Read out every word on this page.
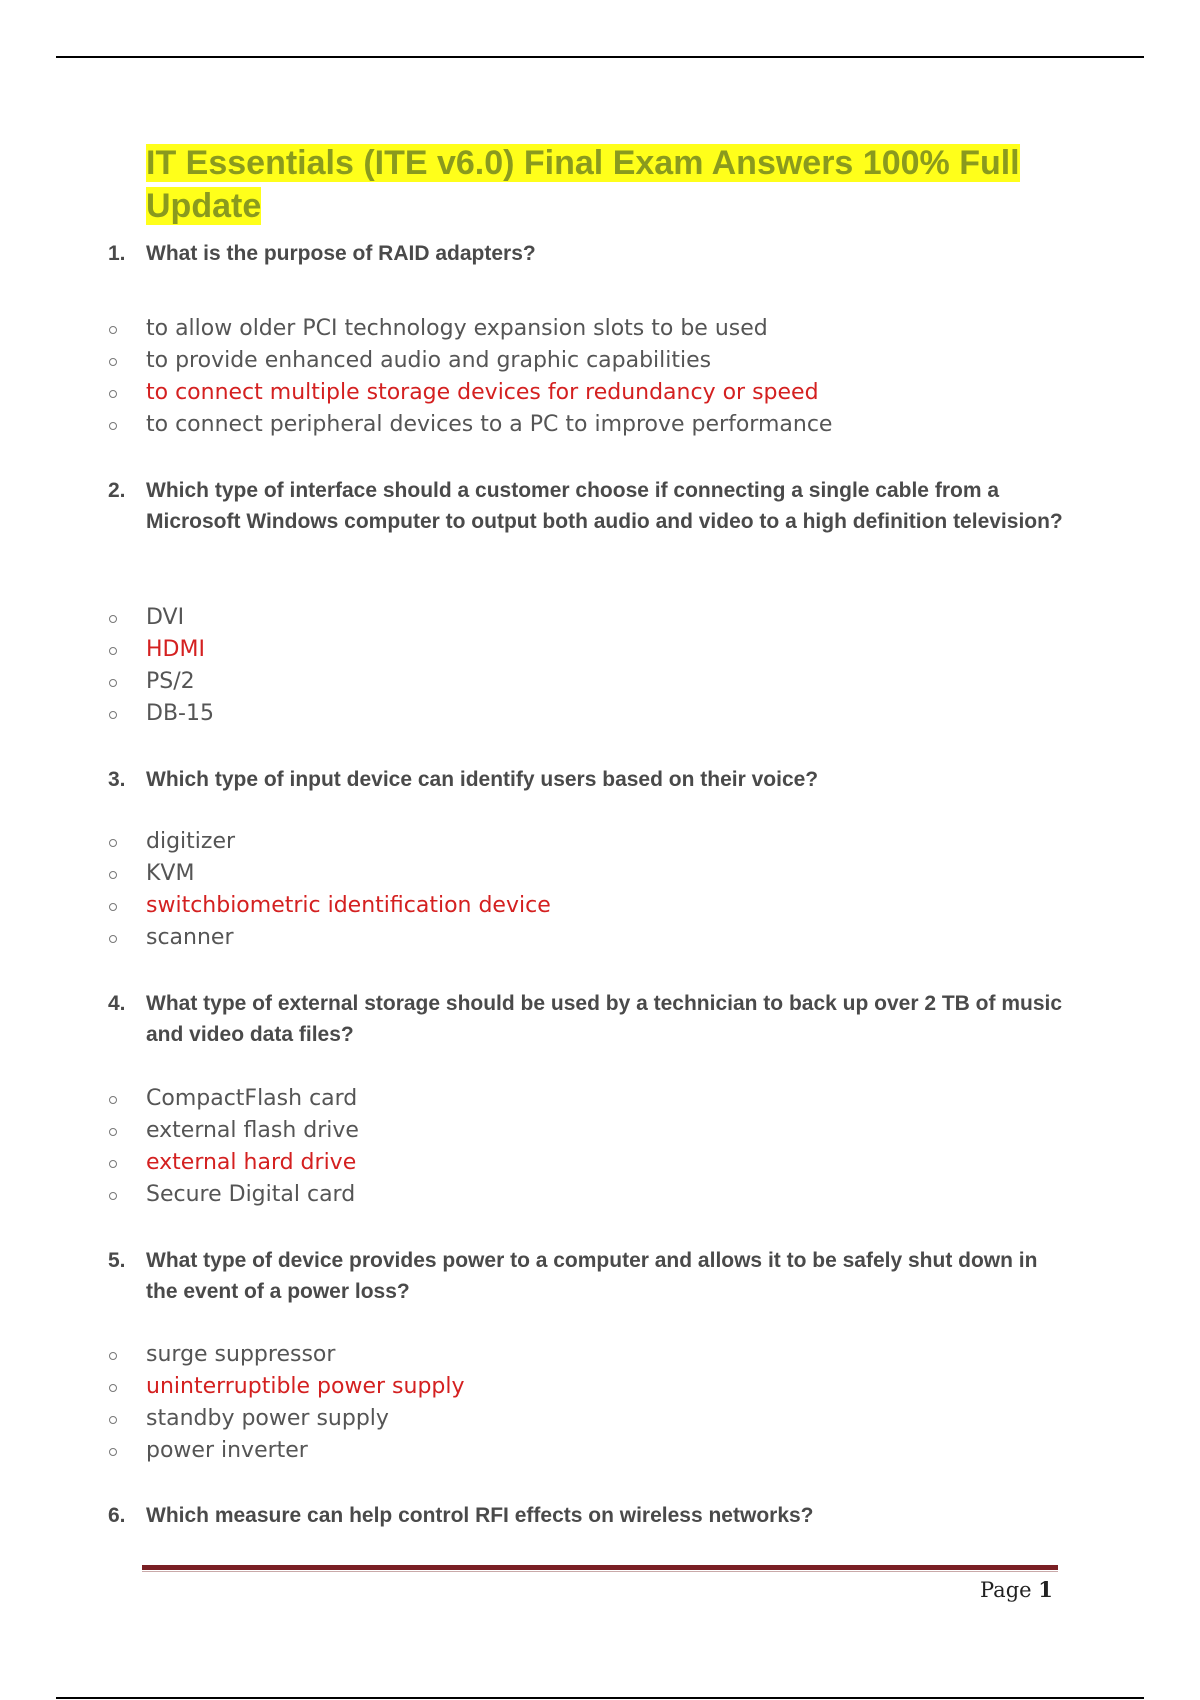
IT Essentials (ITE v6.0) Final Exam Answers 100% Full Update
1. What is the purpose of RAID adapters?
to allow older PCI technology expansion slots to be used
to provide enhanced audio and graphic capabilities
to connect multiple storage devices for redundancy or speed
to connect peripheral devices to a PC to improve performance
2. Which type of interface should a customer choose if connecting a single cable from a Microsoft Windows computer to output both audio and video to a high definition television?
DVI
HDMI
PS/2
DB-15
3. Which type of input device can identify users based on their voice?
digitizer
KVM
switchbiometric identification device
scanner
4. What type of external storage should be used by a technician to back up over 2 TB of music and video data files?
CompactFlash card
external flash drive
external hard drive
Secure Digital card
5. What type of device provides power to a computer and allows it to be safely shut down in the event of a power loss?
surge suppressor
uninterruptible power supply
standby power supply
power inverter
6. Which measure can help control RFI effects on wireless networks?
Page 1
